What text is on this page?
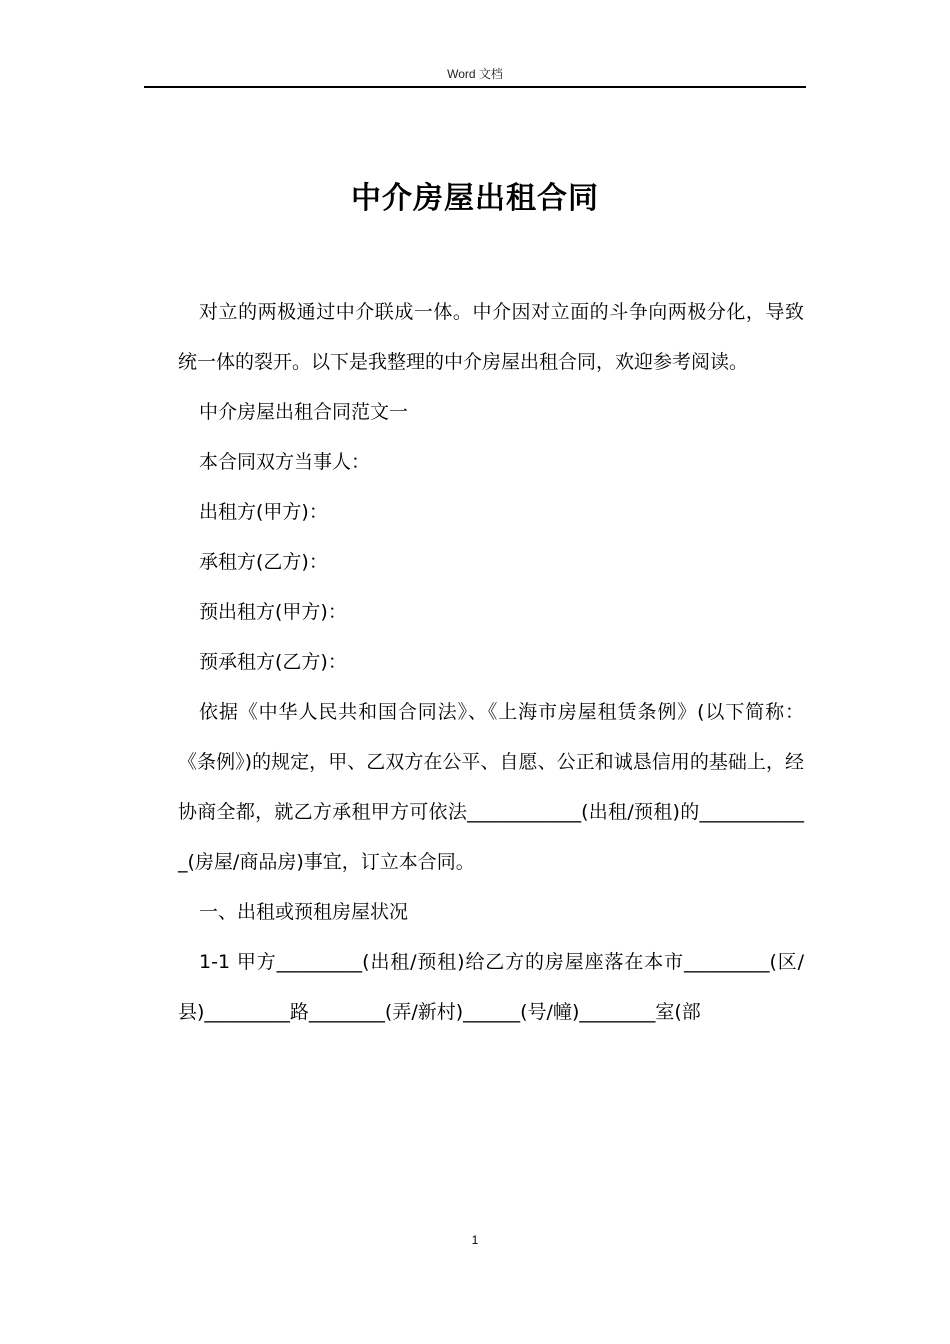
Word 文档
中介房屋出租合同

对立的两极通过中介联成一体。中介因对立面的斗争向两极分化，导致统一体的裂开。以下是我整理的中介房屋出租合同，欢迎参考阅读。

中介房屋出租合同范文一

本合同双方当事人：

出租方(甲方)：

承租方(乙方)：

预出租方(甲方)：

预承租方(乙方)：

依据《中华人民共和国合同法》、《上海市房屋租赁条例》(以下简称：《条例》)的规定，甲、乙双方在公平、自愿、公正和诚恳信用的基础上，经协商全都，就乙方承租甲方可依法____________(出租/预租)的____________(房屋/商品房)事宜，订立本合同。

一、出租或预租房屋状况

1-1 甲方_________(出租/预租)给乙方的房屋座落在本市_________(区/县)_________路________(弄/新村)______(号/幢)________室(部

1
